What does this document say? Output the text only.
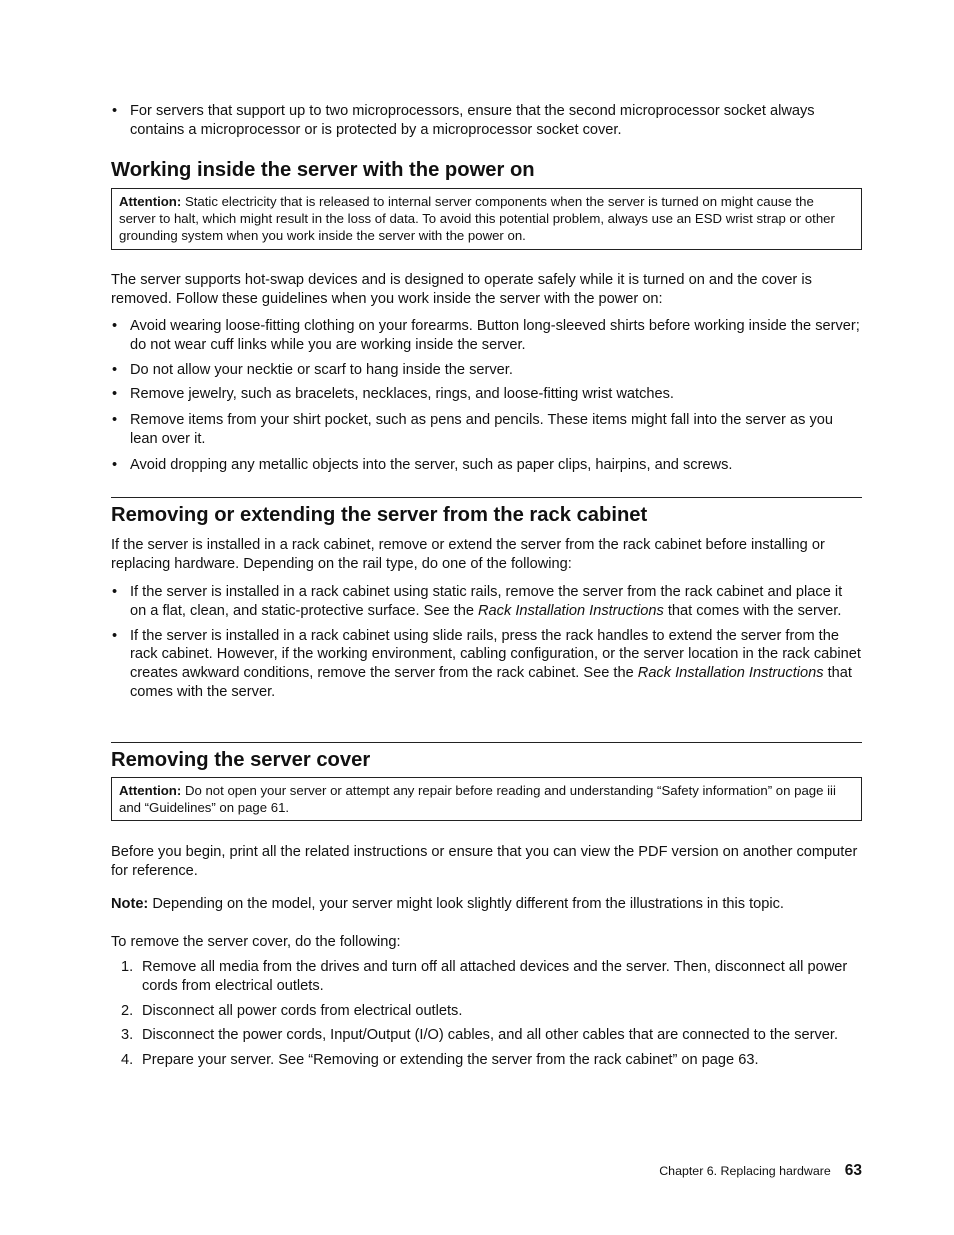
• For servers that support up to two microprocessors, ensure that the second microprocessor socket always contains a microprocessor or is protected by a microprocessor socket cover.
Working inside the server with the power on
Attention: Static electricity that is released to internal server components when the server is turned on might cause the server to halt, which might result in the loss of data. To avoid this potential problem, always use an ESD wrist strap or other grounding system when you work inside the server with the power on.

The server supports hot-swap devices and is designed to operate safely while it is turned on and the cover is removed. Follow these guidelines when you work inside the server with the power on:

• Avoid wearing loose-fitting clothing on your forearms. Button long-sleeved shirts before working inside the server; do not wear cuff links while you are working inside the server.
• Do not allow your necktie or scarf to hang inside the server.
• Remove jewelry, such as bracelets, necklaces, rings, and loose-fitting wrist watches.
• Remove items from your shirt pocket, such as pens and pencils. These items might fall into the server as you lean over it.
• Avoid dropping any metallic objects into the server, such as paper clips, hairpins, and screws.
Removing or extending the server from the rack cabinet

If the server is installed in a rack cabinet, remove or extend the server from the rack cabinet before installing or replacing hardware. Depending on the rail type, do one of the following:

• If the server is installed in a rack cabinet using static rails, remove the server from the rack cabinet and place it on a flat, clean, and static-protective surface. See the Rack Installation Instructions that comes with the server.
• If the server is installed in a rack cabinet using slide rails, press the rack handles to extend the server from the rack cabinet. However, if the working environment, cabling configuration, or the server location in the rack cabinet creates awkward conditions, remove the server from the rack cabinet. See the Rack Installation Instructions that comes with the server.
Removing the server cover
Attention: Do not open your server or attempt any repair before reading and understanding “Safety information” on page iii and “Guidelines” on page 61.

Before you begin, print all the related instructions or ensure that you can view the PDF version on another computer for reference.

Note: Depending on the model, your server might look slightly different from the illustrations in this topic.

To remove the server cover, do the following:

1. Remove all media from the drives and turn off all attached devices and the server. Then, disconnect all power cords from electrical outlets.
2. Disconnect all power cords from electrical outlets.
3. Disconnect the power cords, Input/Output (I/O) cables, and all other cables that are connected to the server.
4. Prepare your server. See “Removing or extending the server from the rack cabinet” on page 63.
Chapter 6. Replacing hardware 63
